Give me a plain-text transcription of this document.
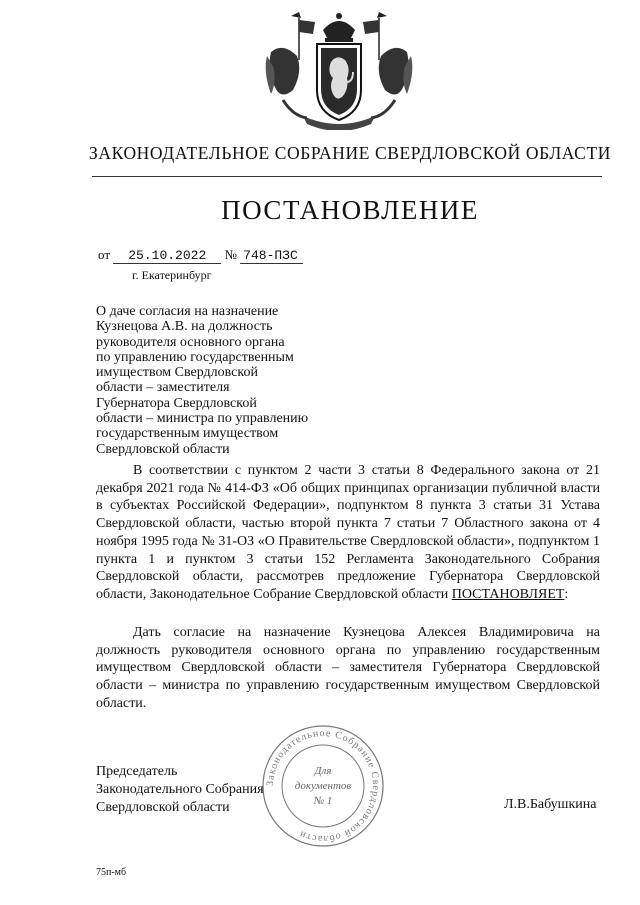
ЗАКОНОДАТЕЛЬНОЕ СОБРАНИЕ СВЕРДЛОВСКОЙ ОБЛАСТИ
ПОСТАНОВЛЕНИЕ
от 25.10.2022 № 748-ПЗС
г. Екатеринбург
О даче согласия на назначение
Кузнецова А.В. на должность
руководителя основного органа
по управлению государственным
имуществом Свердловской
области – заместителя
Губернатора Свердловской
области – министра по управлению
государственным имуществом
Свердловской области
В соответствии с пунктом 2 части 3 статьи 8 Федерального закона от 21 декабря 2021 года № 414-ФЗ «Об общих принципах организации публичной власти в субъектах Российской Федерации», подпунктом 8 пункта 3 статьи 31 Устава Свердловской области, частью второй пункта 7 статьи 7 Областного закона от 4 ноября 1995 года № 31-ОЗ «О Правительстве Свердловской области», подпунктом 1 пункта 1 и пунктом 3 статьи 152 Регламента Законодательного Собрания Свердловской области, рассмотрев предложение Губернатора Свердловской области, Законодательное Собрание Свердловской области ПОСТАНОВЛЯЕТ:
Дать согласие на назначение Кузнецова Алексея Владимировича на должность руководителя основного органа по управлению государственным имуществом Свердловской области – заместителя Губернатора Свердловской области – министра по управлению государственным имуществом Свердловской области.
Законодательное Собрание Свердловской области
Для
документов
№ 1
Председатель
Законодательного Собрания
Свердловской области	Л.В.Бабушкина
75п-мб
